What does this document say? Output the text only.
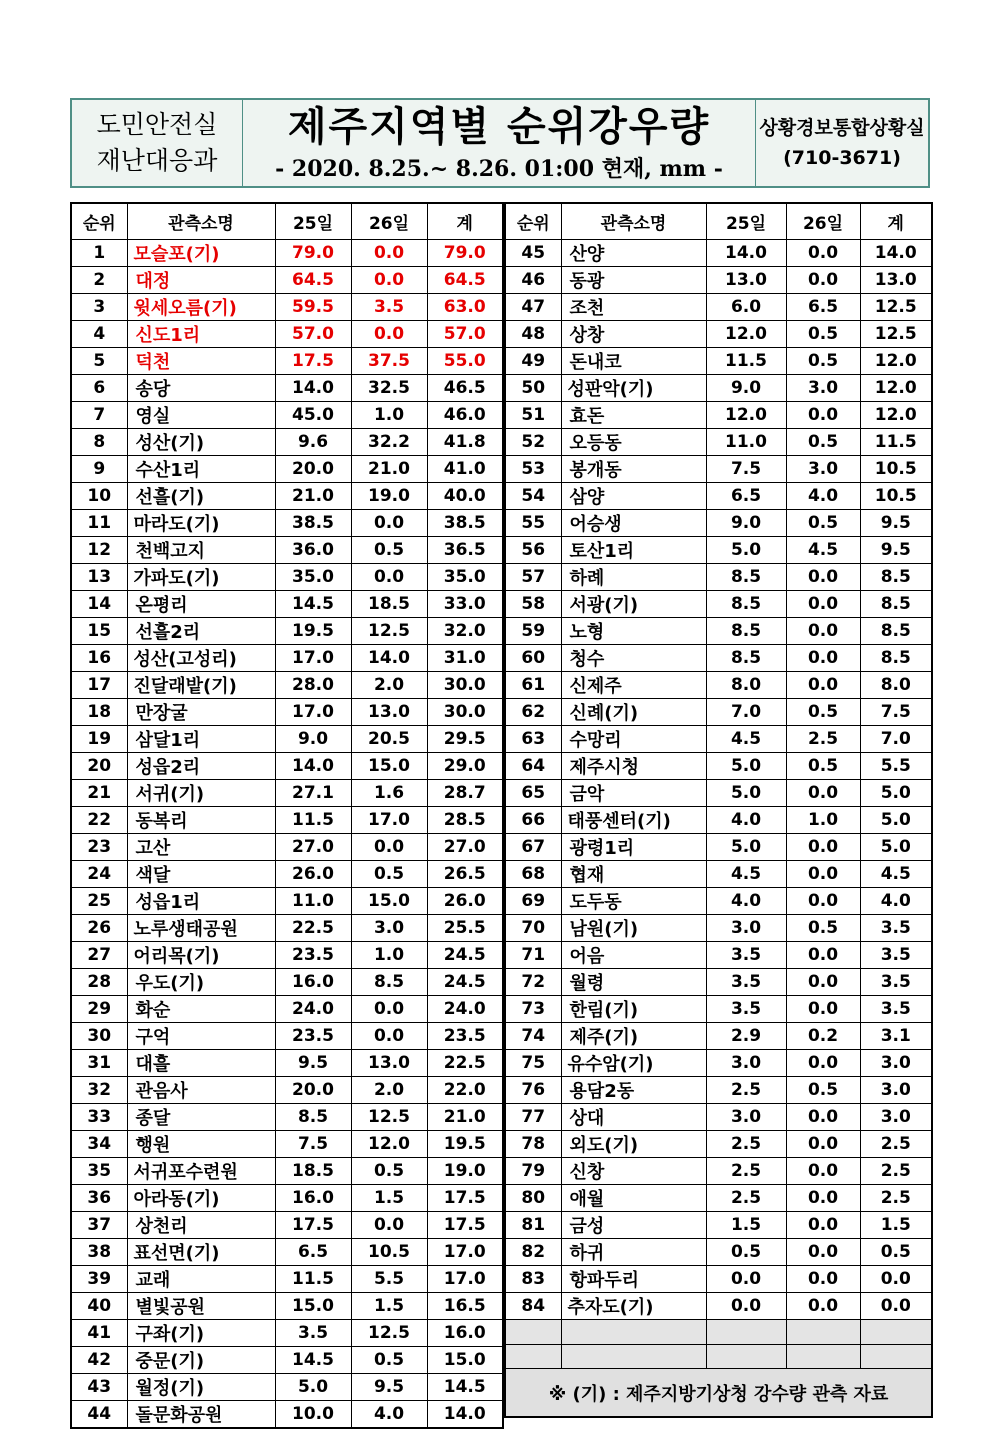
도민안전실
재난대응과
제주지역별 순위강우량
- 2020. 8.25.~ 8.26. 01:00 현재, mm -
상황경보통합상황실
(710-3671)
순위	관측소명	25일	26일	계
1	모슬포(기)	79.0	0.0	79.0
2	대정	64.5	0.0	64.5
3	윗세오름(기)	59.5	3.5	63.0
4	신도1리	57.0	0.0	57.0
5	덕천	17.5	37.5	55.0
6	송당	14.0	32.5	46.5
7	영실	45.0	1.0	46.0
8	성산(기)	9.6	32.2	41.8
9	수산1리	20.0	21.0	41.0
10	선흘(기)	21.0	19.0	40.0
11	마라도(기)	38.5	0.0	38.5
12	천백고지	36.0	0.5	36.5
13	가파도(기)	35.0	0.0	35.0
14	온평리	14.5	18.5	33.0
15	선흘2리	19.5	12.5	32.0
16	성산(고성리)	17.0	14.0	31.0
17	진달래밭(기)	28.0	2.0	30.0
18	만장굴	17.0	13.0	30.0
19	삼달1리	9.0	20.5	29.5
20	성읍2리	14.0	15.0	29.0
21	서귀(기)	27.1	1.6	28.7
22	동복리	11.5	17.0	28.5
23	고산	27.0	0.0	27.0
24	색달	26.0	0.5	26.5
25	성읍1리	11.0	15.0	26.0
26	노루생태공원	22.5	3.0	25.5
27	어리목(기)	23.5	1.0	24.5
28	우도(기)	16.0	8.5	24.5
29	화순	24.0	0.0	24.0
30	구억	23.5	0.0	23.5
31	대흘	9.5	13.0	22.5
32	관음사	20.0	2.0	22.0
33	종달	8.5	12.5	21.0
34	행원	7.5	12.0	19.5
35	서귀포수련원	18.5	0.5	19.0
36	아라동(기)	16.0	1.5	17.5
37	상천리	17.5	0.0	17.5
38	표선면(기)	6.5	10.5	17.0
39	교래	11.5	5.5	17.0
40	별빛공원	15.0	1.5	16.5
41	구좌(기)	3.5	12.5	16.0
42	중문(기)	14.5	0.5	15.0
43	월정(기)	5.0	9.5	14.5
44	돌문화공원	10.0	4.0	14.0
순위	관측소명	25일	26일	계
45	산양	14.0	0.0	14.0
46	동광	13.0	0.0	13.0
47	조천	6.0	6.5	12.5
48	상창	12.0	0.5	12.5
49	돈내코	11.5	0.5	12.0
50	성판악(기)	9.0	3.0	12.0
51	효돈	12.0	0.0	12.0
52	오등동	11.0	0.5	11.5
53	봉개동	7.5	3.0	10.5
54	삼양	6.5	4.0	10.5
55	어승생	9.0	0.5	9.5
56	토산1리	5.0	4.5	9.5
57	하례	8.5	0.0	8.5
58	서광(기)	8.5	0.0	8.5
59	노형	8.5	0.0	8.5
60	청수	8.5	0.0	8.5
61	신제주	8.0	0.0	8.0
62	신례(기)	7.0	0.5	7.5
63	수망리	4.5	2.5	7.0
64	제주시청	5.0	0.5	5.5
65	금악	5.0	0.0	5.0
66	태풍센터(기)	4.0	1.0	5.0
67	광령1리	5.0	0.0	5.0
68	협재	4.5	0.0	4.5
69	도두동	4.0	0.0	4.0
70	남원(기)	3.0	0.5	3.5
71	어음	3.5	0.0	3.5
72	월령	3.5	0.0	3.5
73	한림(기)	3.5	0.0	3.5
74	제주(기)	2.9	0.2	3.1
75	유수암(기)	3.0	0.0	3.0
76	용담2동	2.5	0.5	3.0
77	상대	3.0	0.0	3.0
78	외도(기)	2.5	0.0	2.5
79	신창	2.5	0.0	2.5
80	애월	2.5	0.0	2.5
81	금성	1.5	0.0	1.5
82	하귀	0.5	0.0	0.5
83	항파두리	0.0	0.0	0.0
84	추자도(기)	0.0	0.0	0.0

※ (기) : 제주지방기상청 강수량 관측 자료				
